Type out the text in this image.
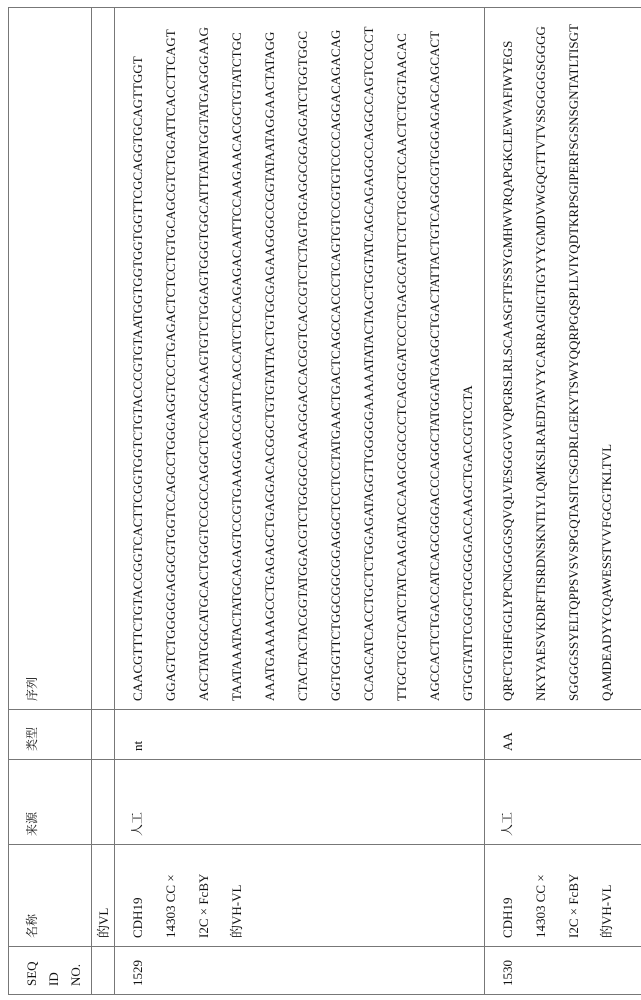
SEQ ID NO.	名称	来源	类型	序列
	的VL			
1529	
CDH19	14303 CC ×	I2C × FcBY	的VH-VL
	人工	nt	
CAACGTTTCTGTACCGGTCACTTCGGTGGTCTGTACCCGTGTAATGGTGGTGGTGGTTCGCAGGTGCAGTTGGT	GGAGTCTGGGGGAGGCGTGGTCCAGCCTGGGAGGTCCCTGAGACTCTCCTGTGCAGCGTCTGGATTCACCTTCAGT	AGCTATGGCATGCACTGGGTCCGCCAGGCTCCAGGCAAGTGTCTGGAGTGGGTGGCATTTATATGGTATGAGGGAAG	TAATAAATACTATGCAGAGTCCGTGAAGGACCGATTCACCATCTCCAGAGACAATTCCAAGAACACGCTGTATCTGC	AAATGAAAAGCCTGAGAGCTGAGGACACGGCTGTGTATTACTGTGCGAGAAGGGCCGGTATAATAGGAACTATAGG	CTACTACTACGGTATGGACGTCTGGGGCCAAGGGACCACGGTCACCGTCTCTAGTGGAGGCGGAGGATCTGGTGGC	GGTGGTTCTGGCGGCGGAGGCTCCTCCTATGAACTGACTCAGCCACCCTCAGTGTCCGTGTCCCCAGGACAGACAG	CCAGCATCACCTGCTCTGGAGATAGGTTGGGGGAAAAATATACTAGCTGGTATCAGCAGAGGCCAGGCCAGTCCCCT	TTGCTGGTCATCTATCAAGATACCAAGCGGCCCTCAGGGATCCCTGAGCGATTCTCTGGCTCCAACTCTGGTAACAC	AGCCACTCTGACCATCAGCGGGACCCAGGCTATGGATGAGGCTGACTATTACTGTCAGGCGTGGGAGAGCAGCACT	GTGGTATTCGGCTGCGGGACCAAGCTGACCGTCCTA

1530	
CDH19	14303 CC ×	I2C × FcBY	的VH-VL
	人工	AA	
QRFCTGHFGGLYPCNGGGGSQVQLVESGGGVVQPGRSLRLSCAASGFTFSSYGMHWVRQAPGKCLEWVAFIWYEGS	NKYYAESVKDRFTISRDNSKNTLYLQMKSLRAEDTAVYYCARRAGIIGTIGYYYGMDVWGQGTTVTVSSGGGGSGGGG	SGGGGSSYELTQPPSVSVSPGQTASITCSGDRLGEKYTSWYQQRPGQSPLLVIYQDTKRPSGIPERFSGSNSGNTATLTISGT	QAMDEADYYCQAWESSTVVFGCGTKLTVL
